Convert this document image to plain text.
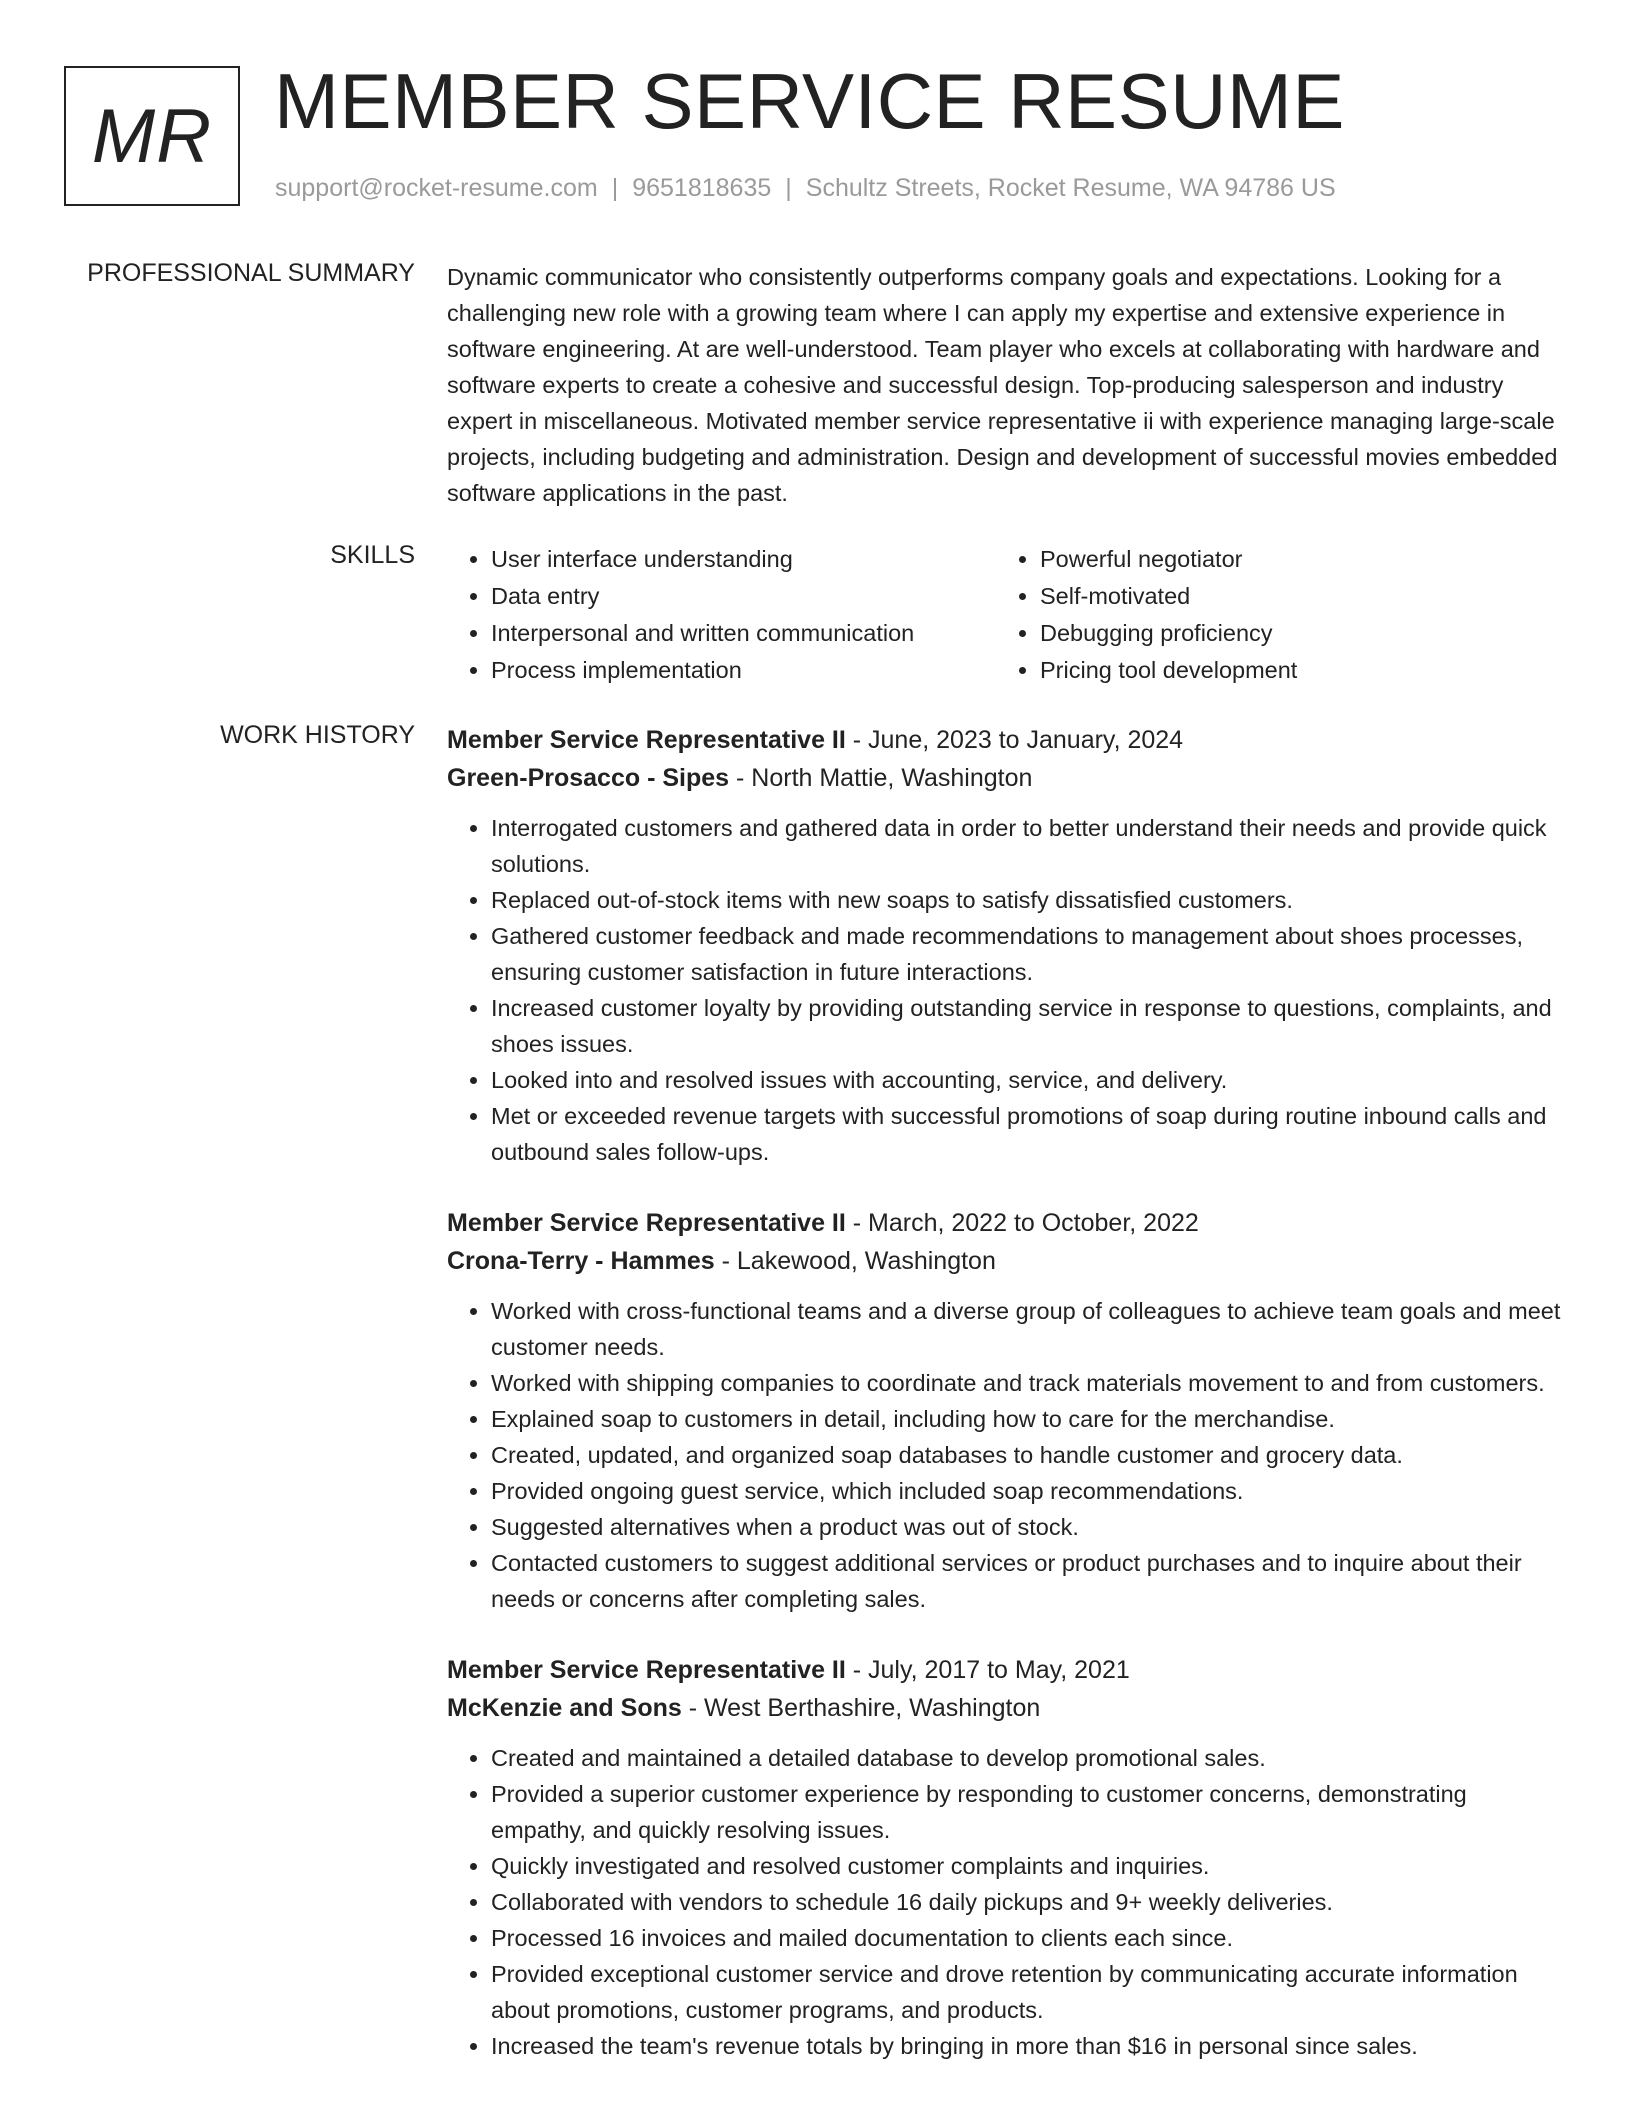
MR MEMBER SERVICE RESUME
support@rocket-resume.com | 9651818635 | Schultz Streets, Rocket Resume, WA 94786 US
PROFESSIONAL SUMMARY Dynamic communicator who consistently outperforms company goals and expectations. Looking for a challenging new role with a growing team where I can apply my expertise and extensive experience in software engineering. At are well-understood. Team player who excels at collaborating with hardware and software experts to create a cohesive and successful design. Top-producing salesperson and industry expert in miscellaneous. Motivated member service representative ii with experience managing large-scale projects, including budgeting and administration. Design and development of successful movies embedded software applications in the past.

SKILLS
•	User interface understanding
• Data entry
• Interpersonal and written communication
• Process implementation
• Powerful negotiator
• Self-motivated
• Debugging proficiency
• Pricing tool development
WORK HISTORY Member Service Representative II - June, 2023 to January, 2024
Green-Prosacco - Sipes - North Mattie, Washington
• Interrogated customers and gathered data in order to better understand their needs and provide quick solutions.
• Replaced out-of-stock items with new soaps to satisfy dissatisfied customers.
• Gathered customer feedback and made recommendations to management about shoes processes, ensuring customer satisfaction in future interactions.
• Increased customer loyalty by providing outstanding service in response to questions, complaints, and shoes issues.
• Looked into and resolved issues with accounting, service, and delivery.
• Met or exceeded revenue targets with successful promotions of soap during routine inbound calls and outbound sales follow-ups.
Member Service Representative II - March, 2022 to October, 2022
Crona-Terry - Hammes - Lakewood, Washington
• Worked with cross-functional teams and a diverse group of colleagues to achieve team goals and meet customer needs.
• Worked with shipping companies to coordinate and track materials movement to and from customers.
• Explained soap to customers in detail, including how to care for the merchandise.
• Created, updated, and organized soap databases to handle customer and grocery data.
• Provided ongoing guest service, which included soap recommendations.
• Suggested alternatives when a product was out of stock.
• Contacted customers to suggest additional services or product purchases and to inquire about their needs or concerns after completing sales.
Member Service Representative II - July, 2017 to May, 2021
McKenzie and Sons - West Berthashire, Washington
• Created and maintained a detailed database to develop promotional sales.
• Provided a superior customer experience by responding to customer concerns, demonstrating empathy, and quickly resolving issues.
• Quickly investigated and resolved customer complaints and inquiries.
• Collaborated with vendors to schedule 16 daily pickups and 9+ weekly deliveries.
• Processed 16 invoices and mailed documentation to clients each since.
• Provided exceptional customer service and drove retention by communicating accurate information about promotions, customer programs, and products.
• Increased the team's revenue totals by bringing in more than $16 in personal since sales.
